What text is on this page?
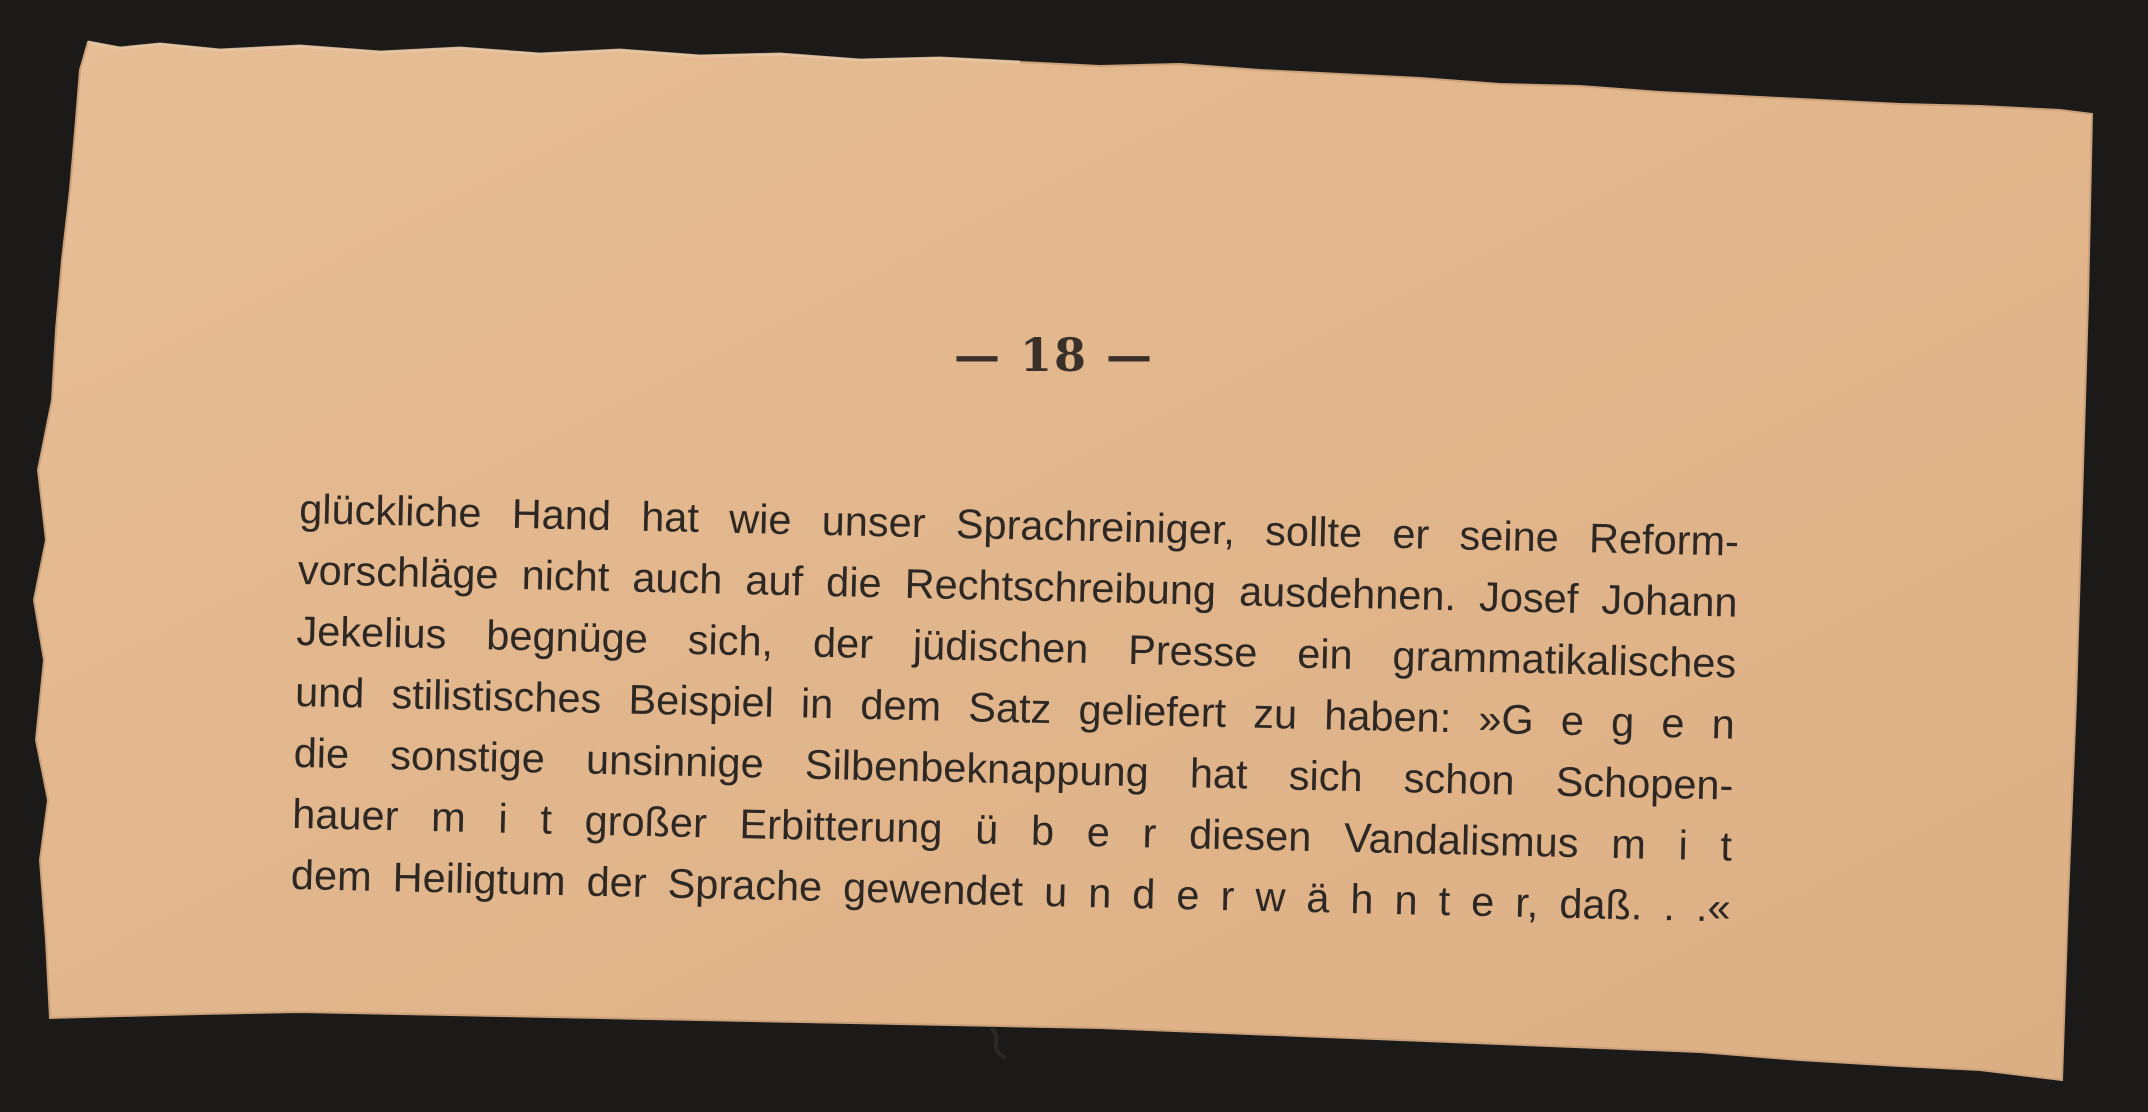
— 18 —
glückliche Hand hat wie unser Sprachreiniger, sollte er seine Reform-
vorschläge nicht auch auf die Rechtschreibung ausdehnen. Josef Johann
Jekelius begnüge sich, der jüdischen Presse ein grammatikalisches
und stilistisches Beispiel in dem Satz geliefert zu haben: »G e g e n
die sonstige unsinnige Silbenbeknappung hat sich schon Schopen-
hauer m i t großer Erbitterung ü b e r diesen Vandalismus m i t
dem Heiligtum der Sprache gewendet u n d e r w ä h n t e r, daß. . .«
